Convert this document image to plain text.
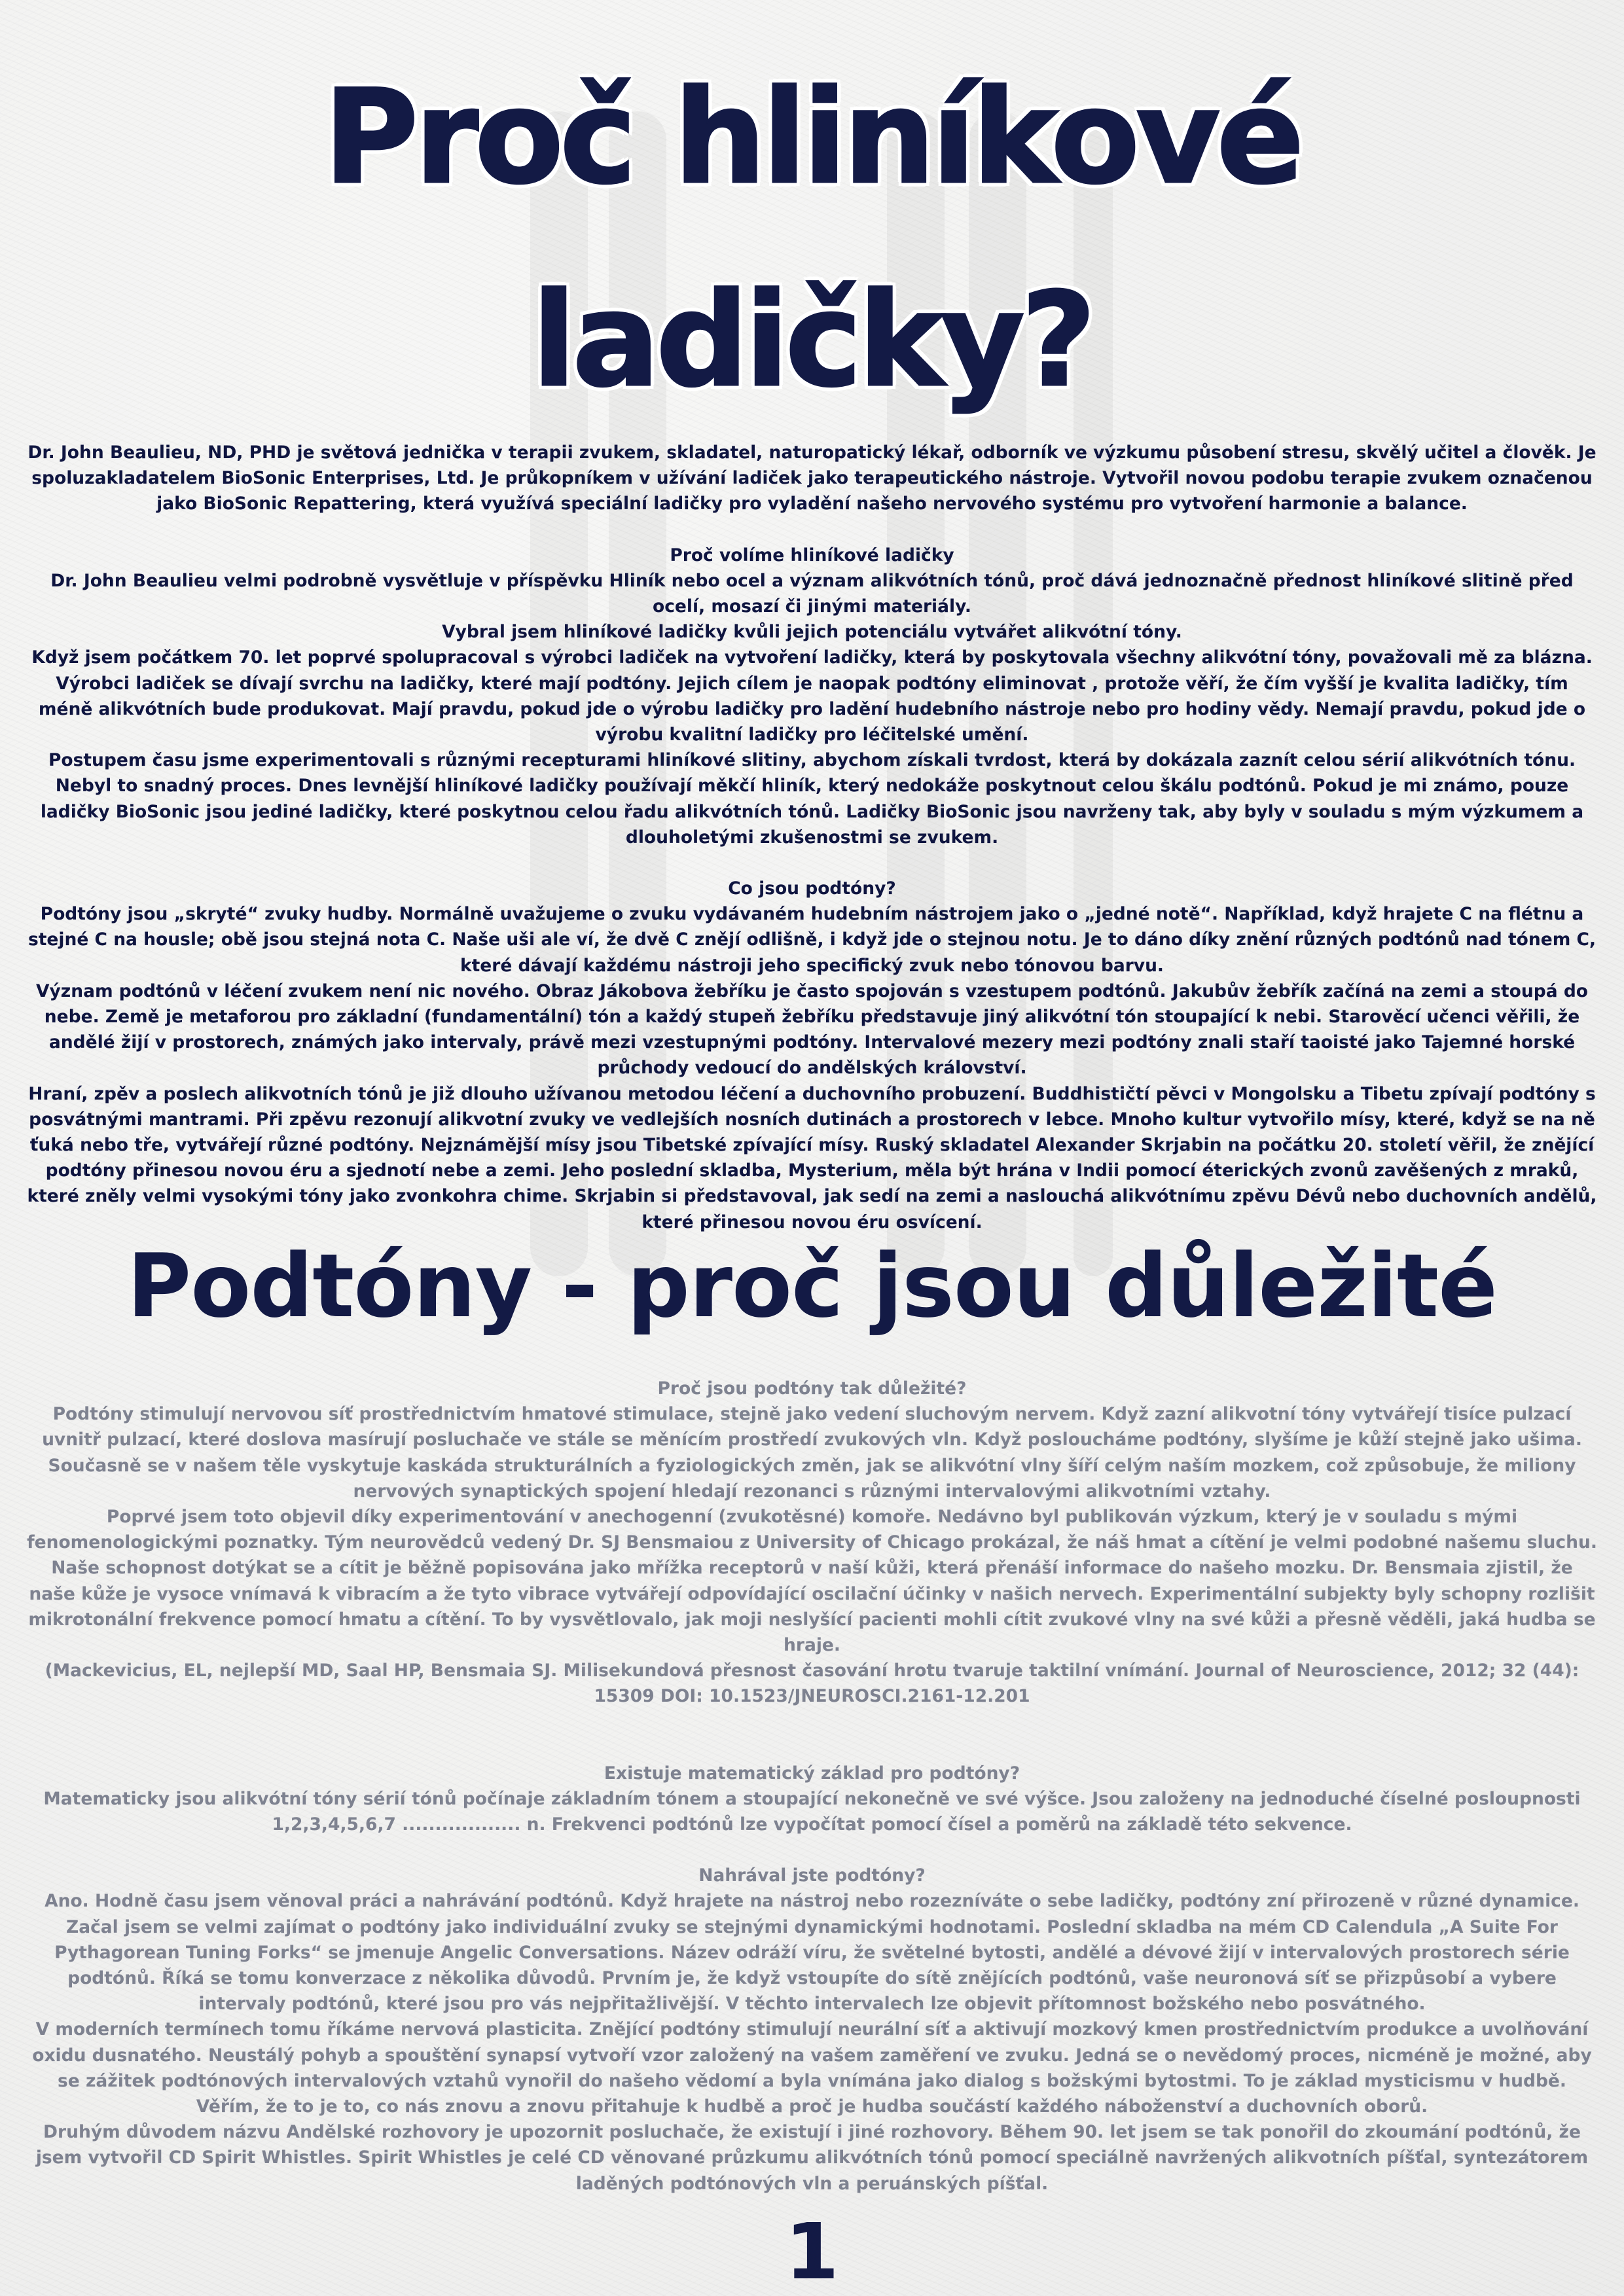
Proč hliníkové
ladičky?

Dr. John Beaulieu, ND, PHD je světová jednička v terapii zvukem, skladatel, naturopatický lékař, odborník ve výzkumu působení stresu, skvělý učitel a člověk. Je spoluzakladatelem BioSonic Enterprises, Ltd. Je průkopníkem v užívání ladiček jako terapeutického nástroje. Vytvořil novou podobu terapie zvukem označenou jako BioSonic Repattering, která využívá speciální ladičky pro vyladění našeho nervového systému pro vytvoření harmonie a balance.

Proč volíme hliníkové ladičky

Dr. John Beaulieu velmi podrobně vysvětluje v příspěvku Hliník nebo ocel a význam alikvótních tónů, proč dává jednoznačně přednost hliníkové slitině před ocelí, mosazí či jinými materiály.

Vybral jsem hliníkové ladičky kvůli jejich potenciálu vytvářet alikvótní tóny.

Když jsem počátkem 70. let poprvé spolupracoval s výrobci ladiček na vytvoření ladičky, která by poskytovala všechny alikvótní tóny, považovali mě za blázna. Výrobci ladiček se dívají svrchu na ladičky, které mají podtóny. Jejich cílem je naopak podtóny eliminovat , protože věří, že čím vyšší je kvalita ladičky, tím méně alikvótních bude produkovat. Mají pravdu, pokud jde o výrobu ladičky pro ladění hudebního nástroje nebo pro hodiny vědy. Nemají pravdu, pokud jde o výrobu kvalitní ladičky pro léčitelské umění.

Postupem času jsme experimentovali s různými recepturami hliníkové slitiny, abychom získali tvrdost, která by dokázala zaznít celou sérií alikvótních tónu. Nebyl to snadný proces. Dnes levnější hliníkové ladičky používají měkčí hliník, který nedokáže poskytnout celou škálu podtónů. Pokud je mi známo, pouze ladičky BioSonic jsou jediné ladičky, které poskytnou celou řadu alikvótních tónů. Ladičky BioSonic jsou navrženy tak, aby byly v souladu s mým výzkumem a dlouholetými zkušenostmi se zvukem.

Co jsou podtóny?

Podtóny jsou „skryté“ zvuky hudby. Normálně uvažujeme o zvuku vydávaném hudebním nástrojem jako o „jedné notě“. Například, když hrajete C na flétnu a stejné C na housle; obě jsou stejná nota C. Naše uši ale ví, že dvě C znějí odlišně, i když jde o stejnou notu. Je to dáno díky znění různých podtónů nad tónem C, které dávají každému nástroji jeho specifický zvuk nebo tónovou barvu.

Význam podtónů v léčení zvukem není nic nového. Obraz Jákobova žebříku je často spojován s vzestupem podtónů. Jakubův žebřík začíná na zemi a stoupá do nebe. Země je metaforou pro základní (fundamentální) tón a každý stupeň žebříku představuje jiný alikvótní tón stoupající k nebi. Starověcí učenci věřili, že andělé žijí v prostorech, známých jako intervaly, právě mezi vzestupnými podtóny. Intervalové mezery mezi podtóny znali staří taoisté jako Tajemné horské průchody vedoucí do andělských království.

Hraní, zpěv a poslech alikvotních tónů je již dlouho užívanou metodou léčení a duchovního probuzení. Buddhističtí pěvci v Mongolsku a Tibetu zpívají podtóny s posvátnými mantrami. Při zpěvu rezonují alikvotní zvuky ve vedlejších nosních dutinách a prostorech v lebce. Mnoho kultur vytvořilo mísy, které, když se na ně ťuká nebo tře, vytvářejí různé podtóny. Nejznámější mísy jsou Tibetské zpívající mísy. Ruský skladatel Alexander Skrjabin na počátku 20. století věřil, že znějící podtóny přinesou novou éru a sjednotí nebe a zemi. Jeho poslední skladba, Mysterium, měla být hrána v Indii pomocí éterických zvonů zavěšených z mraků, které zněly velmi vysokými tóny jako zvonkohra chime. Skrjabin si představoval, jak sedí na zemi a naslouchá alikvótnímu zpěvu Dévů nebo duchovních andělů, které přinesou novou éru osvícení.

Podtóny - proč jsou důležité

Proč jsou podtóny tak důležité?

Podtóny stimulují nervovou síť prostřednictvím hmatové stimulace, stejně jako vedení sluchovým nervem. Když zazní alikvotní tóny vytvářejí tisíce pulzací uvnitř pulzací, které doslova masírují posluchače ve stále se měnícím prostředí zvukových vln. Když posloucháme podtóny, slyšíme je kůží stejně jako ušima. Současně se v našem těle vyskytuje kaskáda strukturálních a fyziologických změn, jak se alikvótní vlny šíří celým naším mozkem, což způsobuje, že miliony nervových synaptických spojení hledají rezonanci s různými intervalovými alikvotními vztahy.

Poprvé jsem toto objevil díky experimentování v anechogenní (zvukotěsné) komoře. Nedávno byl publikován výzkum, který je v souladu s mými fenomenologickými poznatky. Tým neurovědců vedený Dr. SJ Bensmaiou z University of Chicago prokázal, že náš hmat a cítění je velmi podobné našemu sluchu. Naše schopnost dotýkat se a cítit je běžně popisována jako mřížka receptorů v naší kůži, která přenáší informace do našeho mozku. Dr. Bensmaia zjistil, že naše kůže je vysoce vnímavá k vibracím a že tyto vibrace vytvářejí odpovídající oscilační účinky v našich nervech. Experimentální subjekty byly schopny rozlišit mikrotonální frekvence pomocí hmatu a cítění. To by vysvětlovalo, jak moji neslyšící pacienti mohli cítit zvukové vlny na své kůži a přesně věděli, jaká hudba se hraje.

(Mackevicius, EL, nejlepší MD, Saal HP, Bensmaia SJ. Milisekundová přesnost časování hrotu tvaruje taktilní vnímání. Journal of Neuroscience, 2012; 32 (44): 15309 DOI: 10.1523/JNEUROSCI.2161-12.201

Existuje matematický základ pro podtóny?

Matematicky jsou alikvótní tóny sérií tónů počínaje základním tónem a stoupající nekonečně ve své výšce. Jsou založeny na jednoduché číselné posloupnosti 1,2,3,4,5,6,7 .................. n. Frekvenci podtónů lze vypočítat pomocí čísel a poměrů na základě této sekvence.

Nahrával jste podtóny?

Ano. Hodně času jsem věnoval práci a nahrávání podtónů. Když hrajete na nástroj nebo rozezníváte o sebe ladičky, podtóny zní přirozeně v různé dynamice. Začal jsem se velmi zajímat o podtóny jako individuální zvuky se stejnými dynamickými hodnotami. Poslední skladba na mém CD Calendula „A Suite For Pythagorean Tuning Forks“ se jmenuje Angelic Conversations. Název odráží víru, že světelné bytosti, andělé a dévové žijí v intervalových prostorech série podtónů. Říká se tomu konverzace z několika důvodů. Prvním je, že když vstoupíte do sítě znějících podtónů, vaše neuronová síť se přizpůsobí a vybere intervaly podtónů, které jsou pro vás nejpřitažlivější. V těchto intervalech lze objevit přítomnost božského nebo posvátného.

V moderních termínech tomu říkáme nervová plasticita. Znějící podtóny stimulují neurální síť a aktivují mozkový kmen prostřednictvím produkce a uvolňování oxidu dusnatého. Neustálý pohyb a spouštění synapsí vytvoří vzor založený na vašem zaměření ve zvuku. Jedná se o nevědomý proces, nicméně je možné, aby se zážitek podtónových intervalových vztahů vynořil do našeho vědomí a byla vnímána jako dialog s božskými bytostmi. To je základ mysticismu v hudbě. Věřím, že to je to, co nás znovu a znovu přitahuje k hudbě a proč je hudba součástí každého náboženství a duchovních oborů.

Druhým důvodem názvu Andělské rozhovory je upozornit posluchače, že existují i jiné rozhovory. Během 90. let jsem se tak ponořil do zkoumání podtónů, že jsem vytvořil CD Spirit Whistles. Spirit Whistles je celé CD věnované průzkumu alikvótních tónů pomocí speciálně navržených alikvotních píšťal, syntezátorem laděných podtónových vln a peruánských píšťal.

1
